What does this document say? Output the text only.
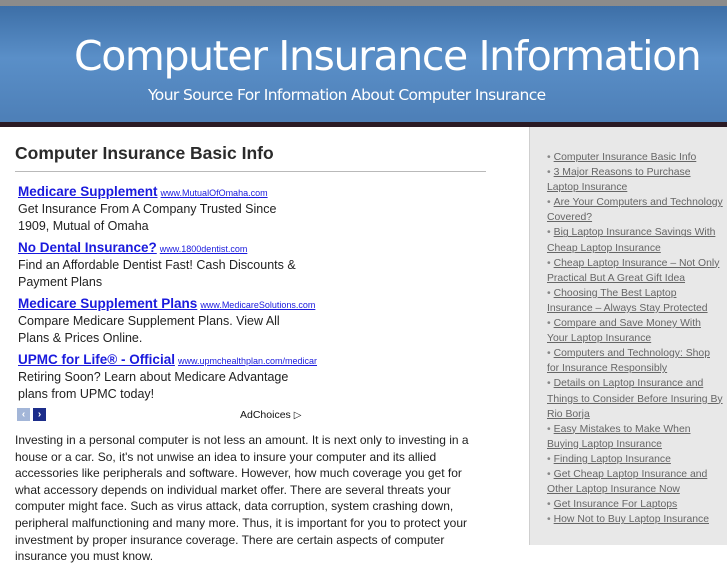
Computer Insurance Information
Your Source For Information About Computer Insurance
Computer Insurance Basic Info
Medicare Supplement www.MutualOfOmaha.com
Get Insurance From A Company Trusted Since 1909, Mutual of Omaha
No Dental Insurance? www.1800dentist.com
Find an Affordable Dentist Fast! Cash Discounts & Payment Plans
Medicare Supplement Plans www.MedicareSolutions.com
Compare Medicare Supplement Plans. View All Plans & Prices Online.
UPMC for Life® - Official www.upmchealthplan.com/medicar
Retiring Soon? Learn about Medicare Advantage plans from UPMC today!
‹	›	AdChoices ▷

Investing in a personal computer is not less an amount. It is next only to investing in a house or a car. So, it's not unwise an idea to insure your computer and its allied accessories like peripherals and software. However, how much coverage you get for what accessory depends on individual market offer. There are several threats your computer might face. Such as virus attack, data corruption, system crashing down, peripheral malfunctioning and many more. Thus, it is important for you to protect your investment by proper insurance coverage. There are certain aspects of computer insurance you must know.

• Computer Insurance Basic Info
• 3 Major Reasons to Purchase Laptop Insurance
• Are Your Computers and Technology Covered?
• Big Laptop Insurance Savings With Cheap Laptop Insurance
• Cheap Laptop Insurance – Not Only Practical But A Great Gift Idea
• Choosing The Best Laptop Insurance – Always Stay Protected
• Compare and Save Money With Your Laptop Insurance
• Computers and Technology: Shop for Insurance Responsibly
• Details on Laptop Insurance and Things to Consider Before Insuring By Rio Borja
• Easy Mistakes to Make When Buying Laptop Insurance
• Finding Laptop Insurance
• Get Cheap Laptop Insurance and Other Laptop Insurance Now
• Get Insurance For Laptops
• How Not to Buy Laptop Insurance
